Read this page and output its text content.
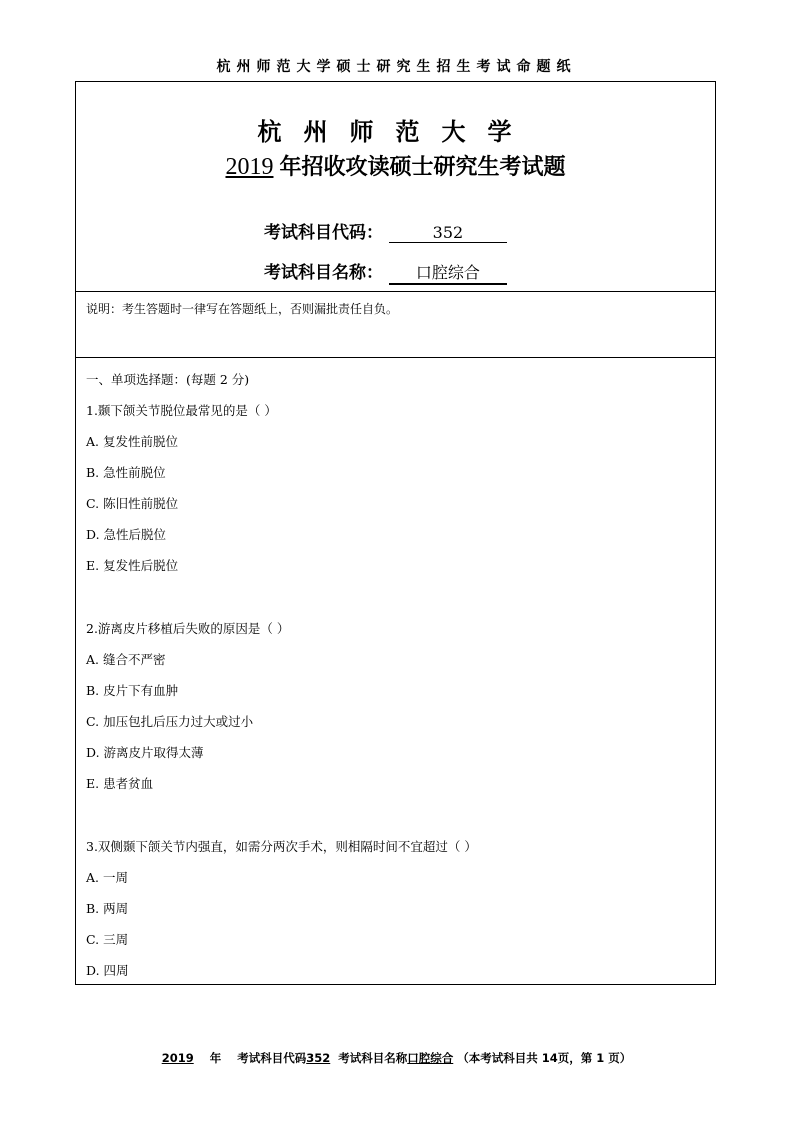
杭州师范大学硕士研究生招生考试命题纸
杭州师范大学
2019 年招收攻读硕士研究生考试题
考试科目代码：	352
考试科目名称： 口腔综合
说明：考生答题时一律写在答题纸上，否则漏批责任自负。
一、单项选择题：(每题 2 分)
1.颞下颌关节脱位最常见的是（ ）
A. 复发性前脱位
B. 急性前脱位
C. 陈旧性前脱位
D. 急性后脱位
E. 复发性后脱位
2.游离皮片移植后失败的原因是（ ）
A. 缝合不严密
B. 皮片下有血肿
C. 加压包扎后压力过大或过小
D. 游离皮片取得太薄
E. 患者贫血
3.双侧颞下颌关节内强直，如需分两次手术，则相隔时间不宜超过（ ）
A. 一周
B. 两周
C. 三周
D. 四周
2019 年 考试科目代码352 考试科目名称口腔综合 （本考试科目共 14页，第 1 页）
